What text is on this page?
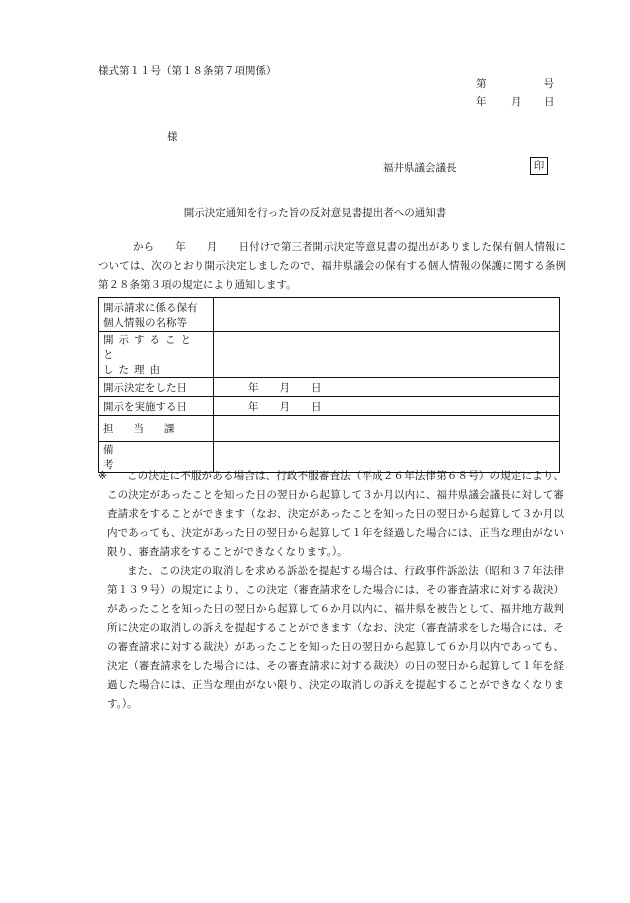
様式第１１号（第１８条第７項関係）
第	号
年 月 日
様
福井県議会議長	印
開示決定通知を行った旨の反対意見書提出者への通知書

から　　年　　月　　日付けで第三者開示決定等意見書の提出がありました保有個人情報については、次のとおり開示決定しましたので、福井県議会の保有する個人情報の保護に関する条例第２８条第３項の規定により通知します。

開示請求に係る保有
個人情報の名称等	

開示することと
した理由	

開示決定をした日	年　　月　　日
開示を実施する日	年　　月　　日
担当課	
備考	
※	この決定に不服がある場合は、行政不服審査法（平成２６年法律第６８号）の規定により、この決定があったことを知った日の翌日から起算して３か月以内に、福井県議会議長に対して審査請求をすることができます（なお、決定があったことを知った日の翌日から起算して３か月以内であっても、決定があった日の翌日から起算して１年を経過した場合には、正当な理由がない限り、審査請求をすることができなくなります。）。

また、この決定の取消しを求める訴訟を提起する場合は、行政事件訴訟法（昭和３７年法律第１３９号）の規定により、この決定（審査請求をした場合には、その審査請求に対する裁決）があったことを知った日の翌日から起算して６か月以内に、福井県を被告として、福井地方裁判所に決定の取消しの訴えを提起することができます（なお、決定（審査請求をした場合には、その審査請求に対する裁決）があったことを知った日の翌日から起算して６か月以内であっても、決定（審査請求をした場合には、その審査請求に対する裁決）の日の翌日から起算して１年を経過した場合には、正当な理由がない限り、決定の取消しの訴えを提起することができなくなります。）。
